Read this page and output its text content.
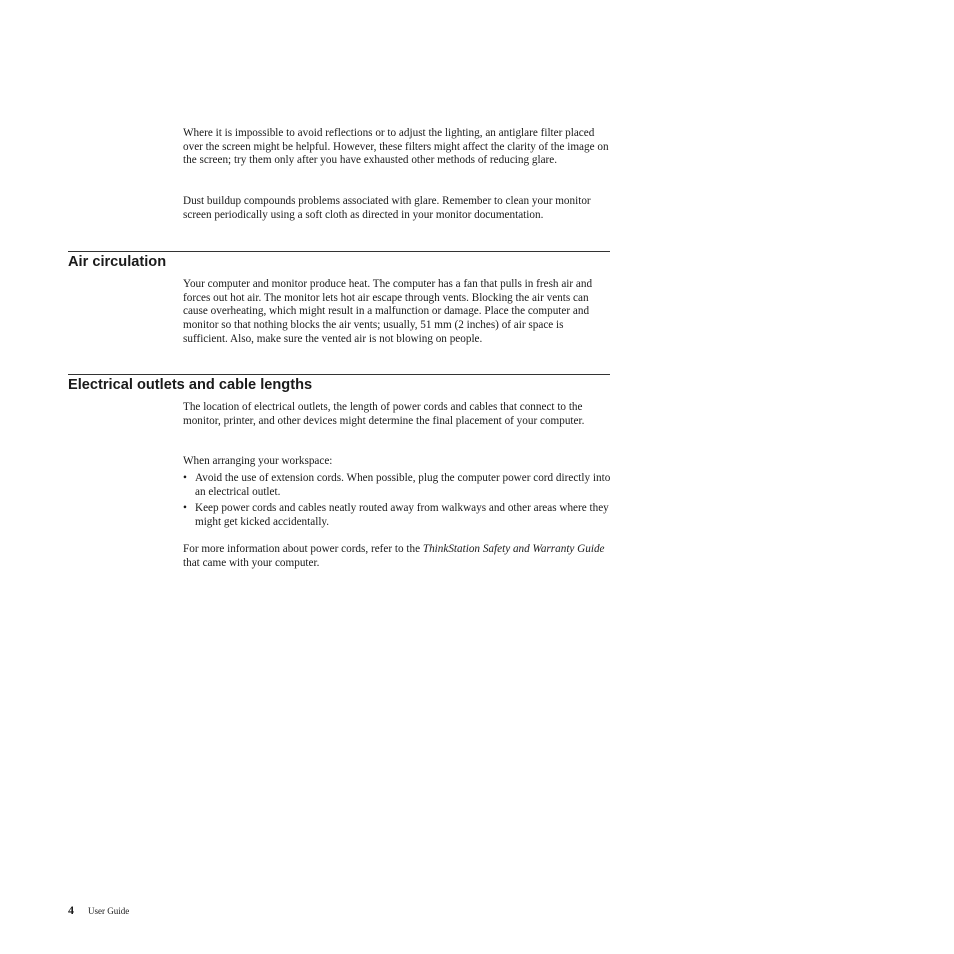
Where it is impossible to avoid reflections or to adjust the lighting, an antiglare filter placed over the screen might be helpful. However, these filters might affect the clarity of the image on the screen; try them only after you have exhausted other methods of reducing glare.

Dust buildup compounds problems associated with glare. Remember to clean your monitor screen periodically using a soft cloth as directed in your monitor documentation.

Air circulation

Your computer and monitor produce heat. The computer has a fan that pulls in fresh air and forces out hot air. The monitor lets hot air escape through vents. Blocking the air vents can cause overheating, which might result in a malfunction or damage. Place the computer and monitor so that nothing blocks the air vents; usually, 51 mm (2 inches) of air space is sufficient. Also, make sure the vented air is not blowing on people.

Electrical outlets and cable lengths

The location of electrical outlets, the length of power cords and cables that connect to the monitor, printer, and other devices might determine the final placement of your computer.

When arranging your workspace:

• Avoid the use of extension cords. When possible, plug the computer power cord directly into an electrical outlet.
• Keep power cords and cables neatly routed away from walkways and other areas where they might get kicked accidentally.

For more information about power cords, refer to the ThinkStation Safety and Warranty Guide that came with your computer.

4 User Guide
